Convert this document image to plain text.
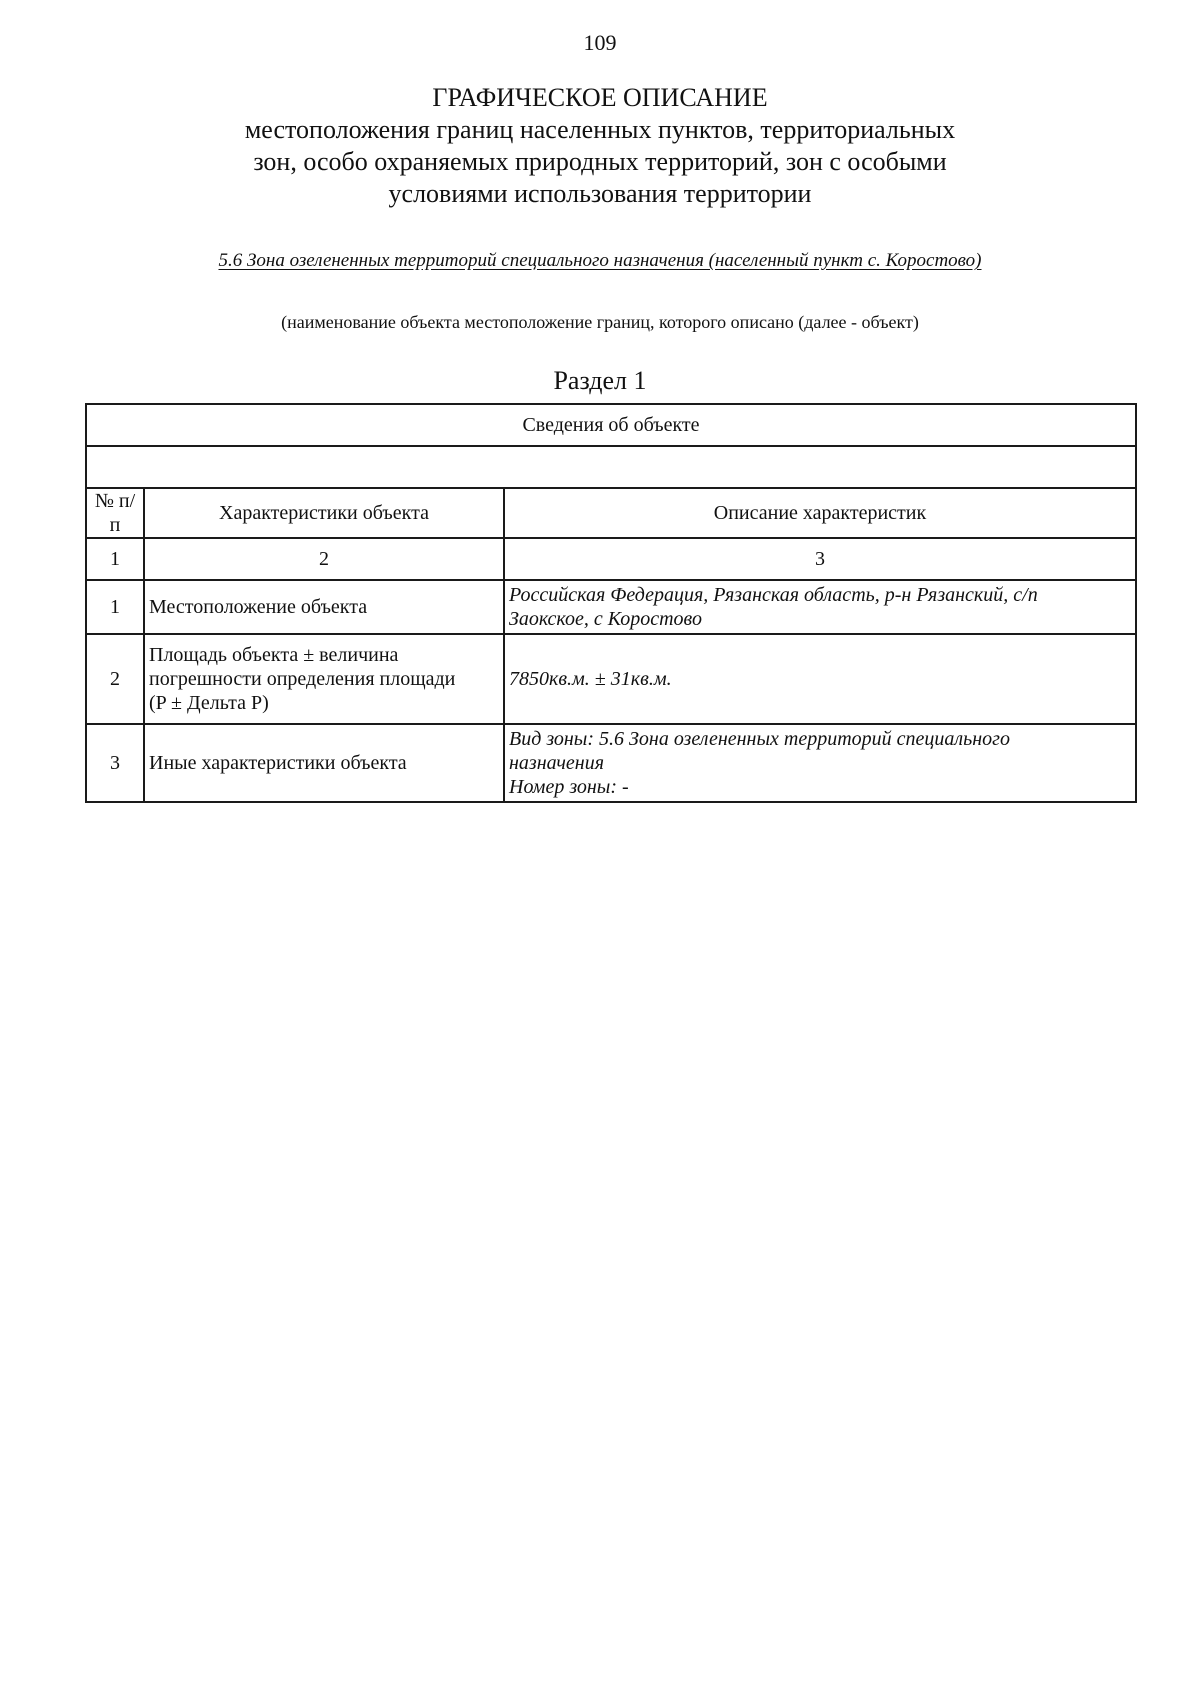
109
ГРАФИЧЕСКОЕ ОПИСАНИЕ
местоположения границ населенных пунктов, территориальных
зон, особо охраняемых природных территорий, зон с особыми
условиями использования территории
5.6 Зона озелененных территорий специального назначения (населенный пункт с. Коростово)
(наименование объекта местоположение границ, которого описано (далее - объект)
Раздел 1
Сведения об объекте		

№ п/п	Характеристики объекта	Описание характеристик
1	2	3
1	Местоположение объекта	Российская Федерация, Рязанская область, р-н Рязанский, с/п
Заокское, с Коростово

2	Площадь объекта ± величина
погрешности определения площади
(P ± Дельта P)	7850кв.м. ± 31кв.м.

3	Иные характеристики объекта	Вид зоны: 5.6 Зона озелененных территорий специального
назначения
Номер зоны: -
